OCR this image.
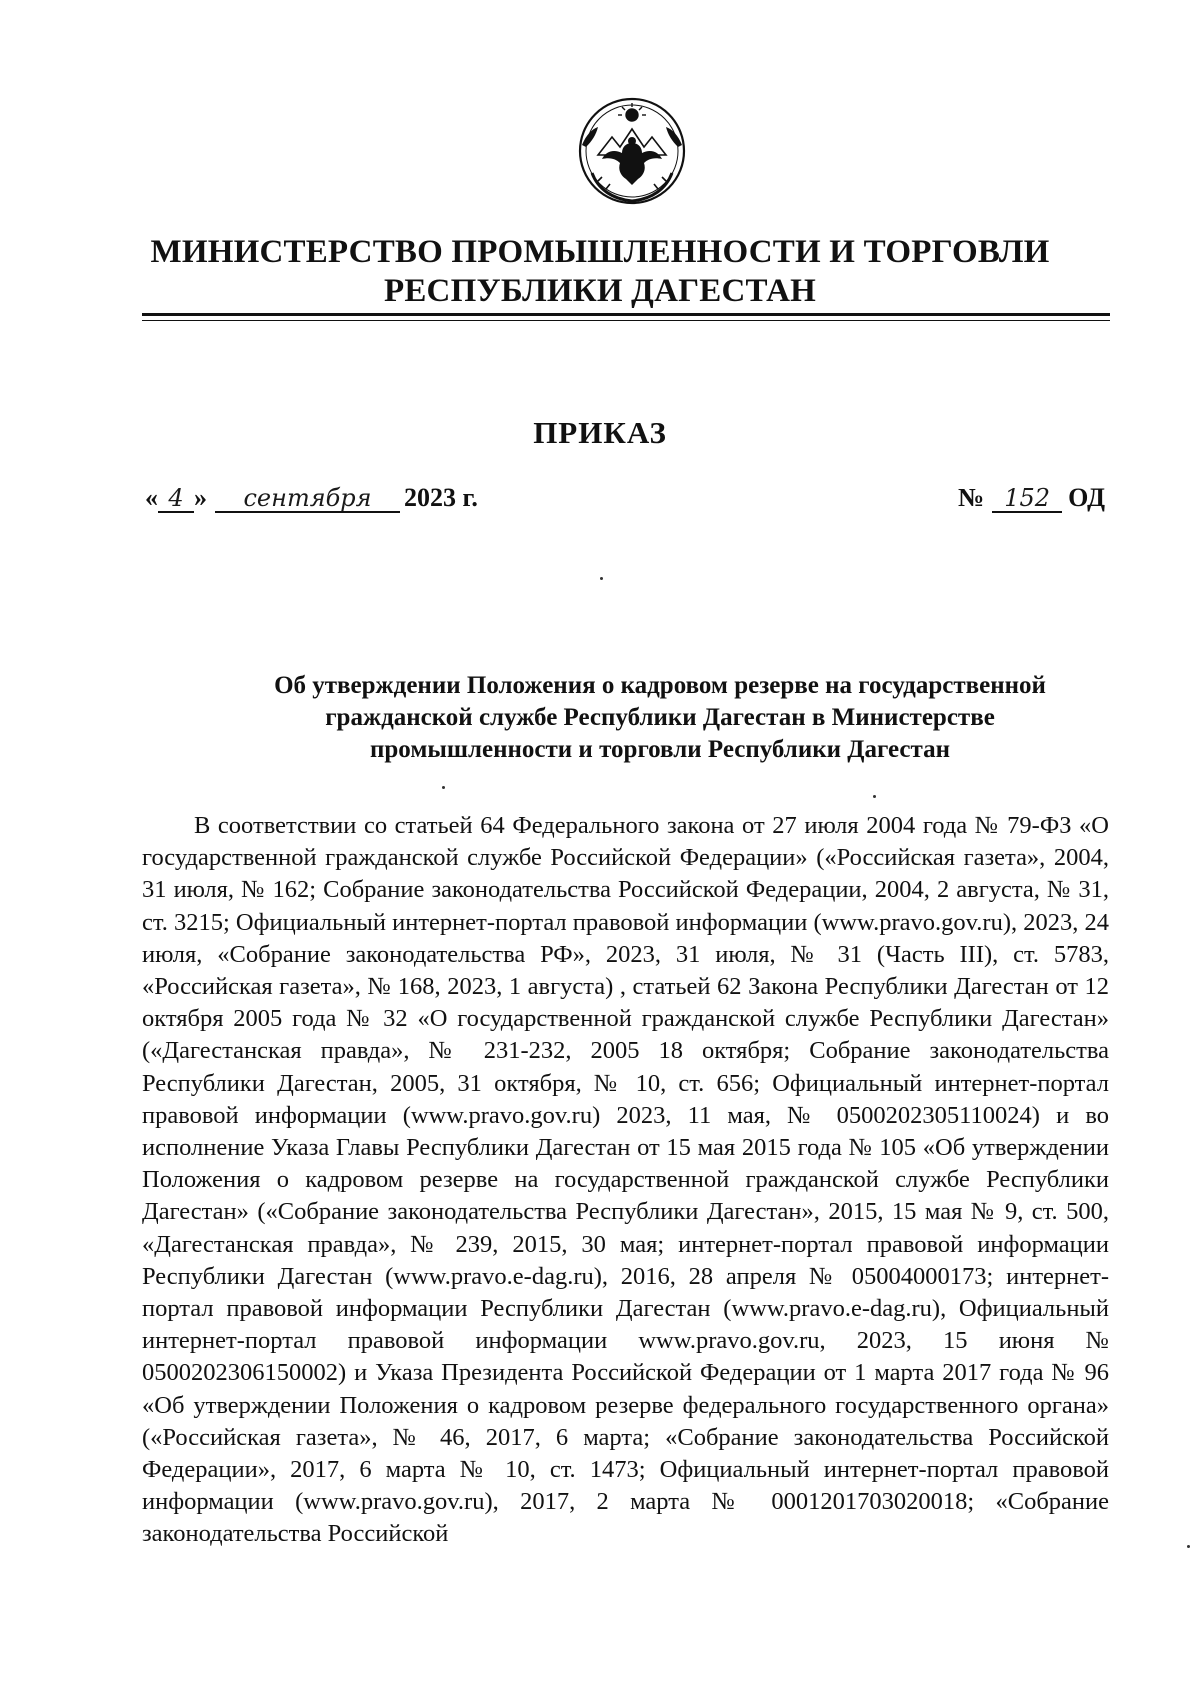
МИНИСТЕРСТВО ПРОМЫШЛЕННОСТИ И ТОРГОВЛИ
РЕСПУБЛИКИ ДАГЕСТАН
ПРИКАЗ
« 4 » сентября 2023 г.	№ 152 ОД
Об утверждении Положения о кадровом резерве на государственной
гражданской службе Республики Дагестан в Министерстве
промышленности и торговли Республики Дагестан
В соответствии со статьей 64 Федерального закона от 27 июля 2004 года № 79-ФЗ «О государственной гражданской службе Российской Федерации» («Российская газета», 2004, 31 июля, № 162; Собрание законодательства Российской Федерации, 2004, 2 августа, № 31, ст. 3215; Официальный интернет-портал правовой информации (www.pravo.gov.ru), 2023, 24 июля, «Собрание законодательства РФ», 2023, 31 июля, № 31 (Часть III), ст. 5783, «Российская газета», № 168, 2023, 1 августа) , статьей 62 Закона Республики Дагестан от 12 октября 2005 года № 32 «О государственной гражданской службе Республики Дагестан» («Дагестанская правда», № 231-232, 2005 18 октября; Собрание законодательства Республики Дагестан, 2005, 31 октября, № 10, ст. 656; Официальный интернет-портал правовой информации (www.pravo.gov.ru) 2023, 11 мая, № 0500202305110024) и во исполнение Указа Главы Республики Дагестан от 15 мая 2015 года № 105 «Об утверждении Положения о кадровом резерве на государственной гражданской службе Республики Дагестан» («Собрание законодательства Республики Дагестан», 2015, 15 мая № 9, ст. 500, «Дагестанская правда», № 239, 2015, 30 мая; интернет-портал правовой информации Республики Дагестан (www.pravo.e-dag.ru), 2016, 28 апреля № 05004000173; интернет-портал правовой информации Республики Дагестан (www.pravo.e-dag.ru), Официальный интернет-портал правовой информации www.pravo.gov.ru, 2023, 15 июня № 0500202306150002) и Указа Президента Российской Федерации от 1 марта 2017 года № 96 «Об утверждении Положения о кадровом резерве федерального государственного органа» («Российская газета», № 46, 2017, 6 марта; «Собрание законодательства Российской Федерации», 2017, 6 марта № 10, ст. 1473; Официальный интернет-портал правовой информации (www.pravo.gov.ru), 2017, 2 марта № 0001201703020018; «Собрание законодательства Российской
